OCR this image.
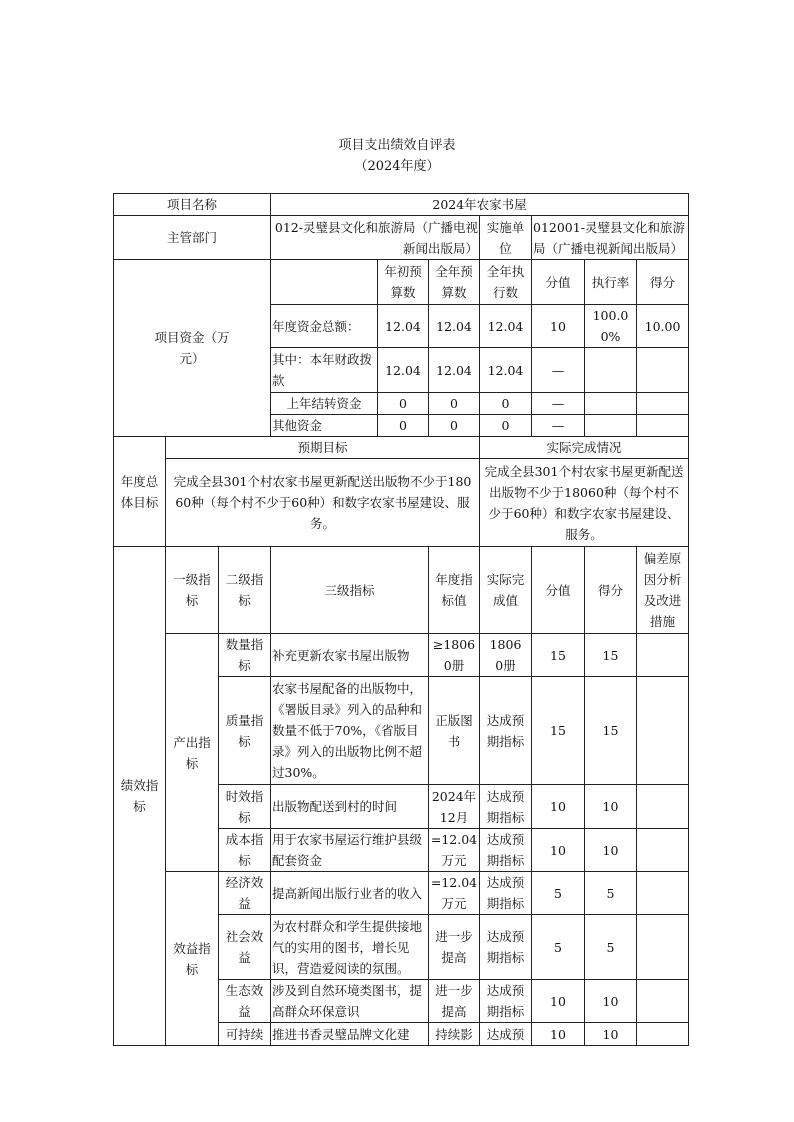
项目支出绩效自评表
（2024年度）
项目名称			2024年农家书屋						
主管部门			012-灵璧县文化和旅游局（广播电视新闻出版局）			实施单位	012001-灵璧县文化和旅游局（广播电视新闻出版局）		
项目资金（万元）				年初预算数	全年预算数	全年执行数	分值	执行率	得分
			年度资金总额：	12.04	12.04	12.04	10	100.00%	10.00
			其中：本年财政拨款	12.04	12.04	12.04	—		
			上年结转资金	0	0	0	—		
			其他资金	0	0	0	—		
年度总体目标	预期目标					实际完成情况			
	完成全县301个村农家书屋更新配送出版物不少于18060种（每个村不少于60种）和数字农家书屋建设、服务。					完成全县301个村农家书屋更新配送出版物不少于18060种（每个村不少于60种）和数字农家书屋建设、服务。			
绩效指标	一级指标	二级指标	三级指标		年度指标值	实际完成值	分值	得分	偏差原因分析及改进措施
	产出指标	数量指标	补充更新农家书屋出版物		≥18060册	18060册	15	15	
		质量指标	农家书屋配备的出版物中，《署版目录》列入的品种和数量不低于70%，《省版目录》列入的出版物比例不超过30%。		正版图书	达成预期指标	15	15	
		时效指标	出版物配送到村的时间		2024年12月	达成预期指标	10	10	
		成本指标	用于农家书屋运行维护县级配套资金		=12.04万元	达成预期指标	10	10	
	效益指标	经济效益	提高新闻出版行业者的收入		=12.04万元	达成预期指标	5	5	
		社会效益	为农村群众和学生提供接地气的实用的图书，增长见识，营造爱阅读的氛围。		进一步提高	达成预期指标	5	5	
		生态效益	涉及到自然环境类图书，提高群众环保意识		进一步提高	达成预期指标	10	10	
		可持续	推进书香灵璧品牌文化建		持续影	达成预	10	10	
